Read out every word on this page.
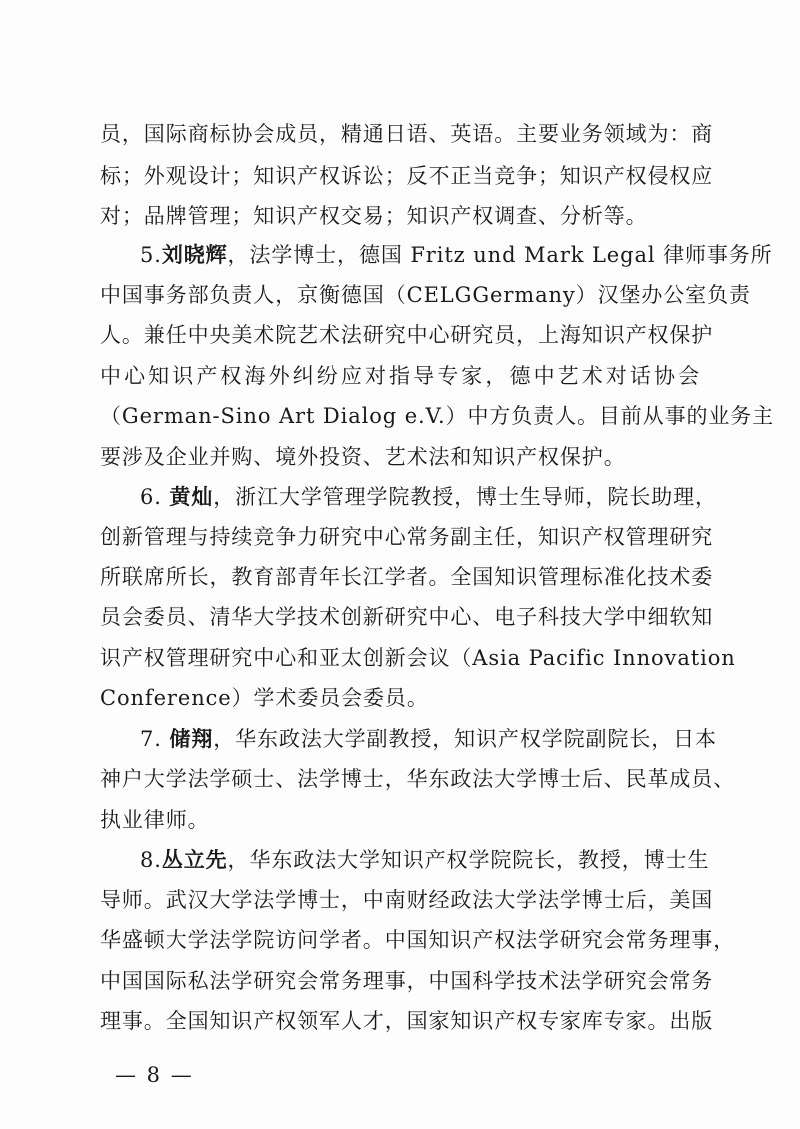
员，国际商标协会成员，精通日语、英语。主要业务领域为：商
标；外观设计；知识产权诉讼；反不正当竞争；知识产权侵权应
对；品牌管理；知识产权交易；知识产权调查、分析等。
5.刘晓辉，法学博士，德国 Fritz und Mark Legal 律师事务所
中国事务部负责人，京衡德国（CELGGermany）汉堡办公室负责
人。兼任中央美术院艺术法研究中心研究员，上海知识产权保护
中心知识产权海外纠纷应对指导专家，德中艺术对话协会
（German-Sino Art Dialog e.V.）中方负责人。目前从事的业务主
要涉及企业并购、境外投资、艺术法和知识产权保护。
6. 黄灿，浙江大学管理学院教授，博士生导师，院长助理，
创新管理与持续竞争力研究中心常务副主任，知识产权管理研究
所联席所长，教育部青年长江学者。全国知识管理标准化技术委
员会委员、清华大学技术创新研究中心、电子科技大学中细软知
识产权管理研究中心和亚太创新会议（Asia Pacific Innovation
Conference）学术委员会委员。
7. 储翔，华东政法大学副教授，知识产权学院副院长，日本
神户大学法学硕士、法学博士，华东政法大学博士后、民革成员、
执业律师。
8.丛立先，华东政法大学知识产权学院院长，教授，博士生
导师。武汉大学法学博士，中南财经政法大学法学博士后，美国
华盛顿大学法学院访问学者。中国知识产权法学研究会常务理事，
中国国际私法学研究会常务理事，中国科学技术法学研究会常务
理事。全国知识产权领军人才，国家知识产权专家库专家。出版
— 8 —
